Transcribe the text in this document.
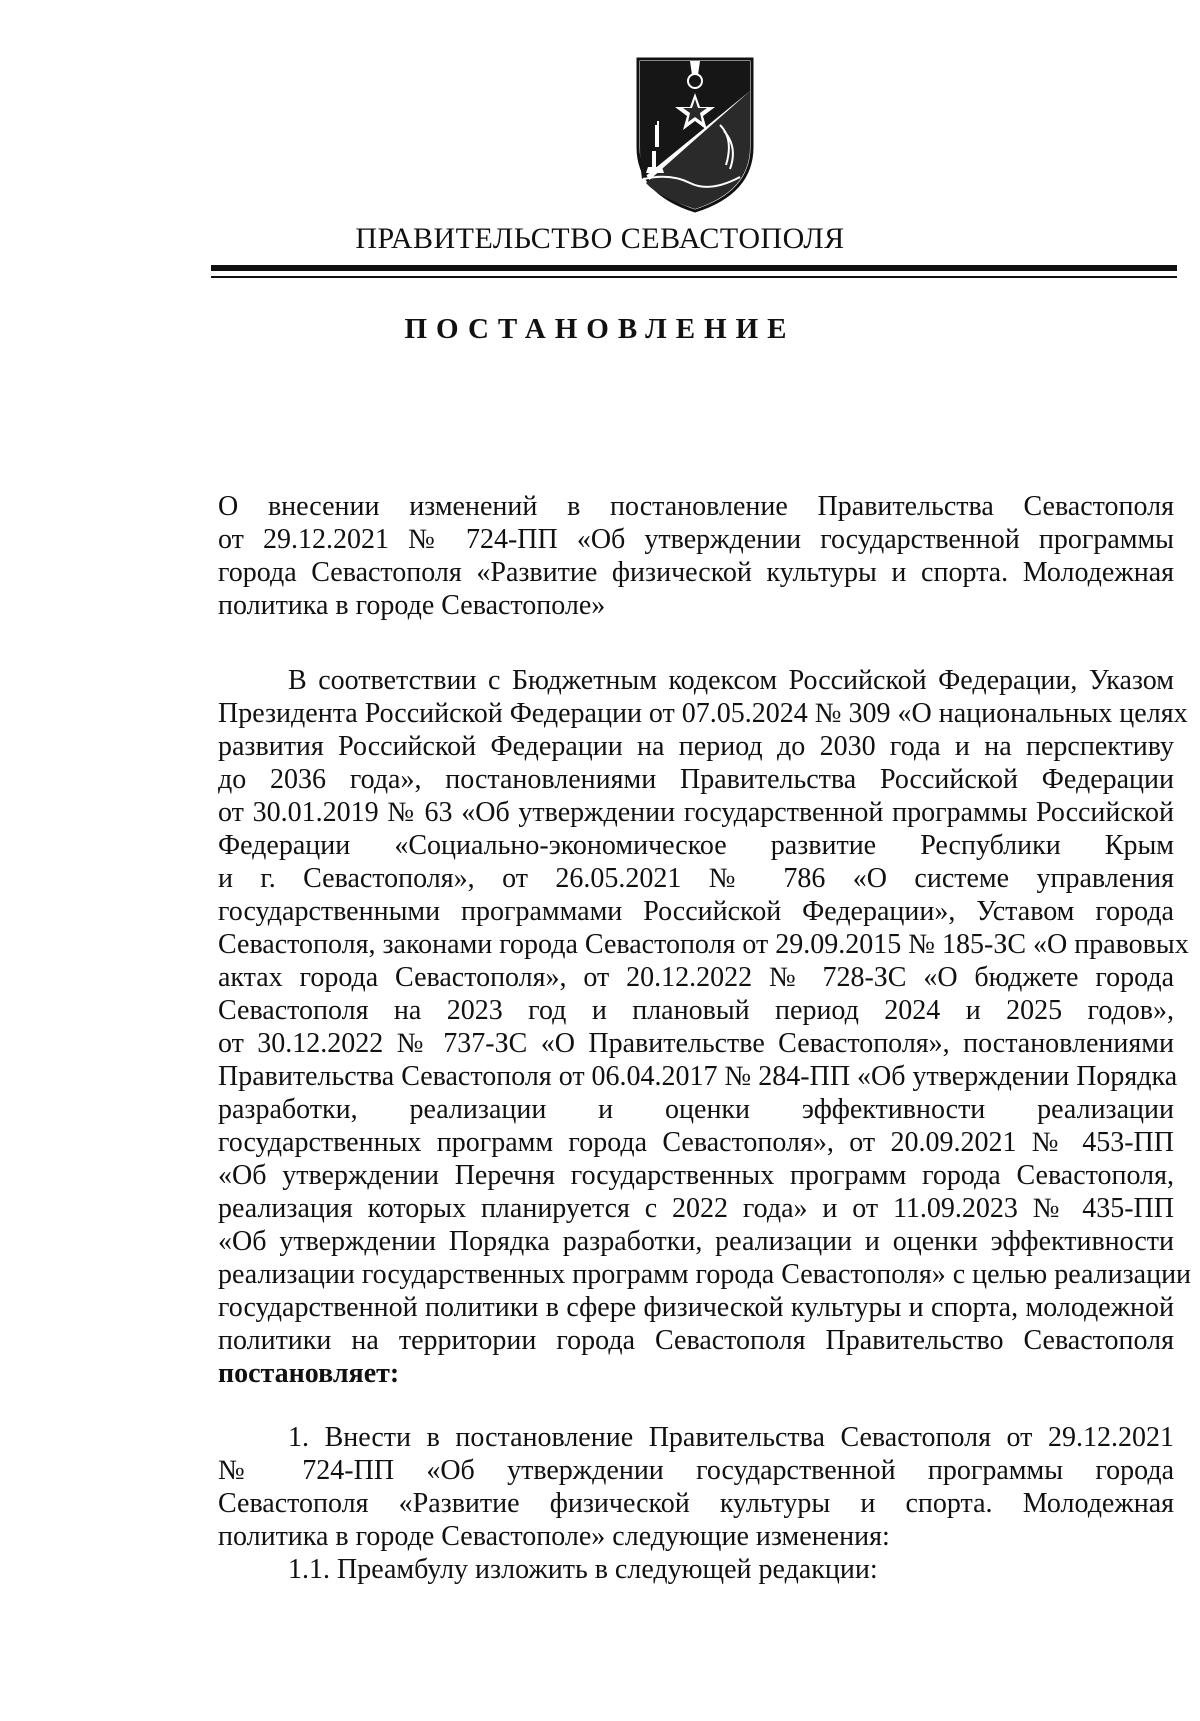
ПРАВИТЕЛЬСТВО СЕВАСТОПОЛЯ
ПОСТАНОВЛЕНИЕ
О внесении изменений в постановление Правительства Севастополя
от 29.12.2021 № 724-ПП «Об утверждении государственной программы
города Севастополя «Развитие физической культуры и спорта. Молодежная
политика в городе Севастополе»
В соответствии с Бюджетным кодексом Российской Федерации, Указом
Президента Российской Федерации от 07.05.2024 № 309 «О национальных целях
развития Российской Федерации на период до 2030 года и на перспективу
до 2036 года», постановлениями Правительства Российской Федерации
от 30.01.2019 № 63 «Об утверждении государственной программы Российской
Федерации «Социально-экономическое развитие Республики Крым
и г. Севастополя», от 26.05.2021 № 786 «О системе управления
государственными программами Российской Федерации», Уставом города
Севастополя, законами города Севастополя от 29.09.2015 № 185-ЗС «О правовых
актах города Севастополя», от 20.12.2022 № 728-ЗС «О бюджете города
Севастополя на 2023 год и плановый период 2024 и 2025 годов»,
от 30.12.2022 № 737-ЗС «О Правительстве Севастополя», постановлениями
Правительства Севастополя от 06.04.2017 № 284-ПП «Об утверждении Порядка
разработки, реализации и оценки эффективности реализации
государственных программ города Севастополя», от 20.09.2021 № 453-ПП
«Об утверждении Перечня государственных программ города Севастополя,
реализация которых планируется с 2022 года» и от 11.09.2023 № 435-ПП
«Об утверждении Порядка разработки, реализации и оценки эффективности
реализации государственных программ города Севастополя» с целью реализации
государственной политики в сфере физической культуры и спорта, молодежной
политики на территории города Севастополя Правительство Севастополя
постановляет:
1. Внести в постановление Правительства Севастополя от 29.12.2021
№ 724-ПП «Об утверждении государственной программы города
Севастополя «Развитие физической культуры и спорта. Молодежная
политика в городе Севастополе» следующие изменения:
1.1. Преамбулу изложить в следующей редакции:
